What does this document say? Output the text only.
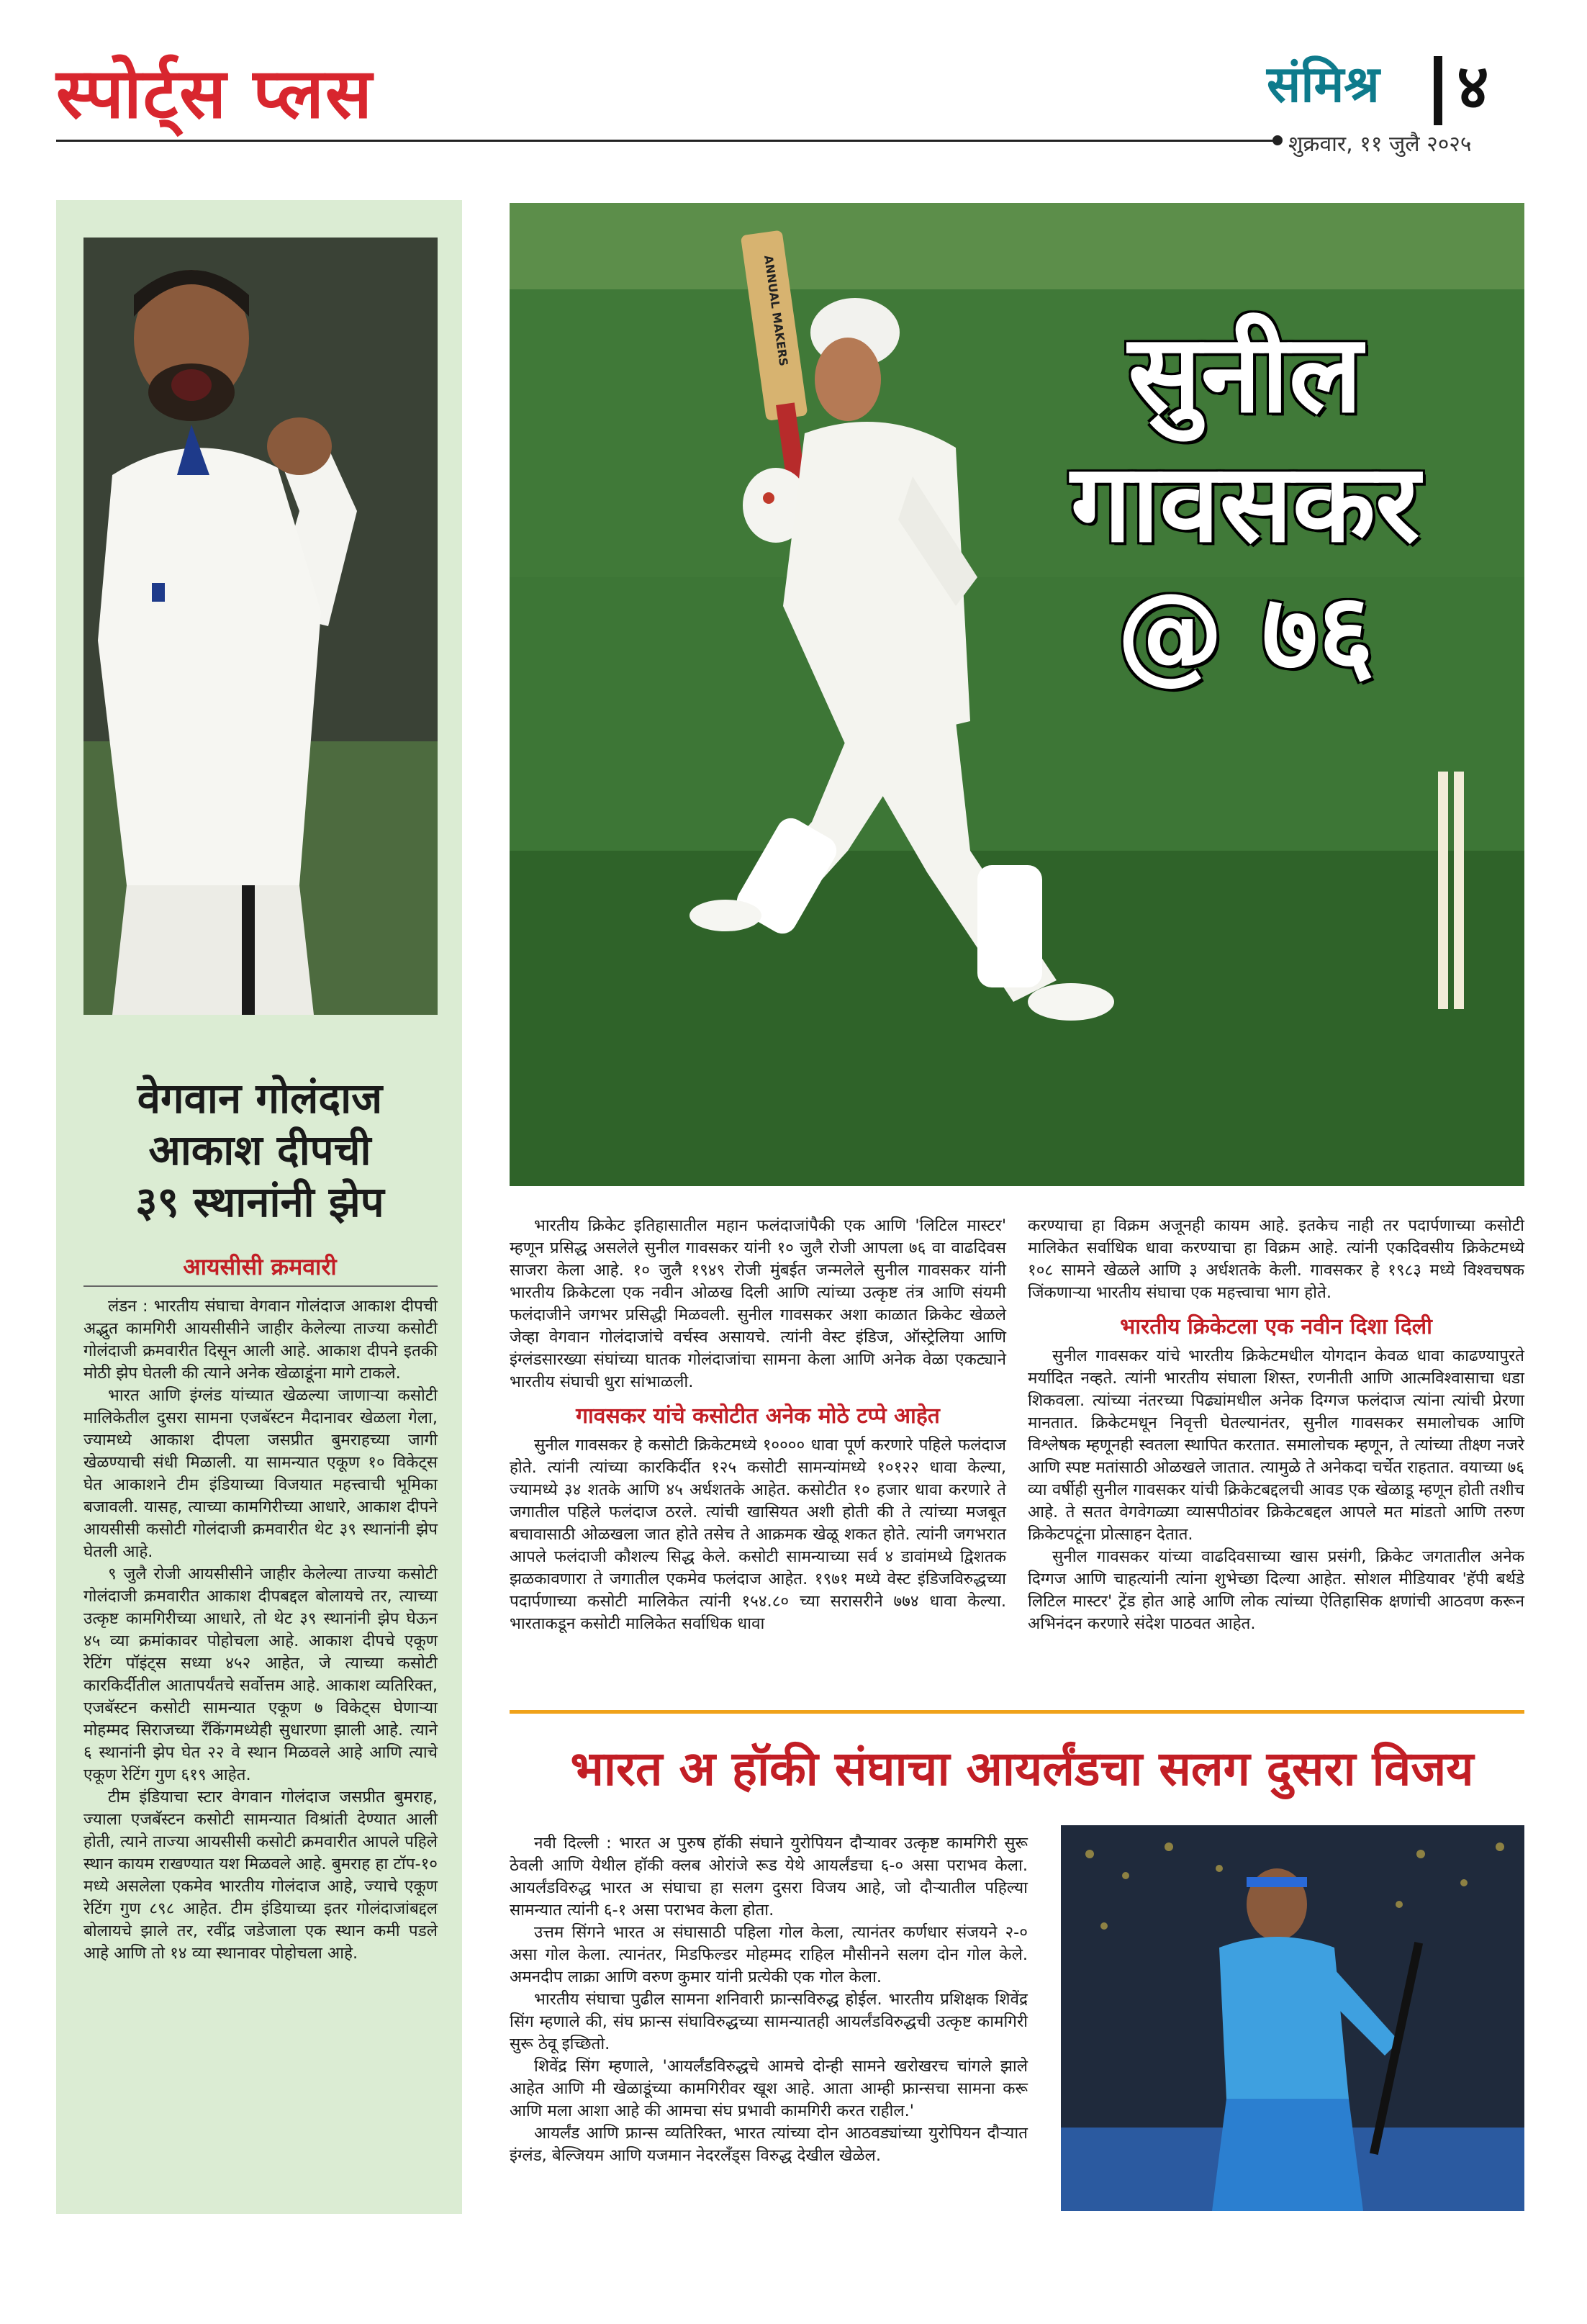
स्पोर्ट्स प्लस	संमिश्र ४
शुक्रवार, ११ जुलै २०२५
वेगवान गोलंदाज
आकाश दीपची
३९ स्थानांनी झेप
आयसीसी क्रमवारी

लंडन : भारतीय संघाचा वेगवान गोलंदाज आकाश दीपची अद्भुत कामगिरी आयसीसीने जाहीर केलेल्या ताज्या कसोटी गोलंदाजी क्रमवारीत दिसून आली आहे. आकाश दीपने इतकी मोठी झेप घेतली की त्याने अनेक खेळाडूंना मागे टाकले.

भारत आणि इंग्लंड यांच्यात खेळल्या जाणाऱ्या कसोटी मालिकेतील दुसरा सामना एजबॅस्टन मैदानावर खेळला गेला, ज्यामध्ये आकाश दीपला जसप्रीत बुमराहच्या जागी खेळण्याची संधी मिळाली. या सामन्यात एकूण १० विकेट्स घेत आकाशने टीम इंडियाच्या विजयात महत्त्वाची भूमिका बजावली. यासह, त्याच्या कामगिरीच्या आधारे, आकाश दीपने आयसीसी कसोटी गोलंदाजी क्रमवारीत थेट ३९ स्थानांनी झेप घेतली आहे.

९ जुलै रोजी आयसीसीने जाहीर केलेल्या ताज्या कसोटी गोलंदाजी क्रमवारीत आकाश दीपबद्दल बोलायचे तर, त्याच्या उत्कृष्ट कामगिरीच्या आधारे, तो थेट ३९ स्थानांनी झेप घेऊन ४५ व्या क्रमांकावर पोहोचला आहे. आकाश दीपचे एकूण रेटिंग पॉइंट्स सध्या ४५२ आहेत, जे त्याच्या कसोटी कारकिर्दीतील आतापर्यंतचे सर्वोत्तम आहे. आकाश व्यतिरिक्त, एजबॅस्टन कसोटी सामन्यात एकूण ७ विकेट्स घेणाऱ्या मोहम्मद सिराजच्या रँकिंगमध्येही सुधारणा झाली आहे. त्याने ६ स्थानांनी झेप घेत २२ वे स्थान मिळवले आहे आणि त्याचे एकूण रेटिंग गुण ६१९ आहेत.

टीम इंडियाचा स्टार वेगवान गोलंदाज जसप्रीत बुमराह, ज्याला एजबॅस्टन कसोटी सामन्यात विश्रांती देण्यात आली होती, त्याने ताज्या आयसीसी कसोटी क्रमवारीत आपले पहिले स्थान कायम राखण्यात यश मिळवले आहे. बुमराह हा टॉप-१० मध्ये असलेला एकमेव भारतीय गोलंदाज आहे, ज्याचे एकूण रेटिंग गुण ८९८ आहेत. टीम इंडियाच्या इतर गोलंदाजांबद्दल बोलायचे झाले तर, रवींद्र जडेजाला एक स्थान कमी पडले आहे आणि तो १४ व्या स्थानावर पोहोचला आहे.

ANNUAL MAKERS
सुनील
गावसकर
@ ७६

भारतीय क्रिकेट इतिहासातील महान फलंदाजांपैकी एक आणि 'लिटिल मास्टर' म्हणून प्रसिद्ध असलेले सुनील गावसकर यांनी १० जुलै रोजी आपला ७६ वा वाढदिवस साजरा केला आहे. १० जुलै १९४९ रोजी मुंबईत जन्मलेले सुनील गावसकर यांनी भारतीय क्रिकेटला एक नवीन ओळख दिली आणि त्यांच्या उत्कृष्ट तंत्र आणि संयमी फलंदाजीने जगभर प्रसिद्धी मिळवली. सुनील गावसकर अशा काळात क्रिकेट खेळले जेव्हा वेगवान गोलंदाजांचे वर्चस्व असायचे. त्यांनी वेस्ट इंडिज, ऑस्ट्रेलिया आणि इंग्लंडसारख्या संघांच्या घातक गोलंदाजांचा सामना केला आणि अनेक वेळा एकट्याने भारतीय संघाची धुरा सांभाळली.

गावसकर यांचे कसोटीत अनेक मोठे टप्पे आहेत

सुनील गावसकर हे कसोटी क्रिकेटमध्ये १०००० धावा पूर्ण करणारे पहिले फलंदाज होते. त्यांनी त्यांच्या कारकिर्दीत १२५ कसोटी सामन्यांमध्ये १०१२२ धावा केल्या, ज्यामध्ये ३४ शतके आणि ४५ अर्धशतके आहेत. कसोटीत १० हजार धावा करणारे ते जगातील पहिले फलंदाज ठरले. त्यांची खासियत अशी होती की ते त्यांच्या मजबूत बचावासाठी ओळखला जात होते तसेच ते आक्रमक खेळू शकत होते. त्यांनी जगभरात आपले फलंदाजी कौशल्य सिद्ध केले. कसोटी सामन्याच्या सर्व ४ डावांमध्ये द्विशतक झळकावणारा ते जगातील एकमेव फलंदाज आहेत. १९७१ मध्ये वेस्ट इंडिजविरुद्धच्या पदार्पणाच्या कसोटी मालिकेत त्यांनी १५४.८० च्या सरासरीने ७७४ धावा केल्या. भारताकडून कसोटी मालिकेत सर्वाधिक धावा

करण्याचा हा विक्रम अजूनही कायम आहे. इतकेच नाही तर पदार्पणाच्या कसोटी मालिकेत सर्वाधिक धावा करण्याचा हा विक्रम आहे. त्यांनी एकदिवसीय क्रिकेटमध्ये १०८ सामने खेळले आणि ३ अर्धशतके केली. गावसकर हे १९८३ मध्ये विश्वचषक जिंकणाऱ्या भारतीय संघाचा एक महत्त्वाचा भाग होते.

भारतीय क्रिकेटला एक नवीन दिशा दिली

सुनील गावसकर यांचे भारतीय क्रिकेटमधील योगदान केवळ धावा काढण्यापुरते मर्यादित नव्हते. त्यांनी भारतीय संघाला शिस्त, रणनीती आणि आत्मविश्वासाचा धडा शिकवला. त्यांच्या नंतरच्या पिढ्यांमधील अनेक दिग्गज फलंदाज त्यांना त्यांची प्रेरणा मानतात. क्रिकेटमधून निवृत्ती घेतल्यानंतर, सुनील गावसकर समालोचक आणि विश्लेषक म्हणूनही स्वतला स्थापित करतात. समालोचक म्हणून, ते त्यांच्या तीक्ष्ण नजरे आणि स्पष्ट मतांसाठी ओळखले जातात. त्यामुळे ते अनेकदा चर्चेत राहतात. वयाच्या ७६ व्या वर्षीही सुनील गावसकर यांची क्रिकेटबद्दलची आवड एक खेळाडू म्हणून होती तशीच आहे. ते सतत वेगवेगळ्या व्यासपीठांवर क्रिकेटबद्दल आपले मत मांडतो आणि तरुण क्रिकेटपटूंना प्रोत्साहन देतात.

सुनील गावसकर यांच्या वाढदिवसाच्या खास प्रसंगी, क्रिकेट जगतातील अनेक दिग्गज आणि चाहत्यांनी त्यांना शुभेच्छा दिल्या आहेत. सोशल मीडियावर 'हॅपी बर्थडे लिटिल मास्टर' ट्रेंड होत आहे आणि लोक त्यांच्या ऐतिहासिक क्षणांची आठवण करून अभिनंदन करणारे संदेश पाठवत आहेत.

भारत अ हॉकी संघाचा आयर्लंडचा सलग दुसरा विजय

नवी दिल्ली : भारत अ पुरुष हॉकी संघाने युरोपियन दौऱ्यावर उत्कृष्ट कामगिरी सुरू ठेवली आणि येथील हॉकी क्लब ओरांजे रूड येथे आयर्लंडचा ६-० असा पराभव केला. आयर्लंडविरुद्ध भारत अ संघाचा हा सलग दुसरा विजय आहे, जो दौऱ्यातील पहिल्या सामन्यात त्यांनी ६-१ असा पराभव केला होता.

उत्तम सिंगने भारत अ संघासाठी पहिला गोल केला, त्यानंतर कर्णधार संजयने २-० असा गोल केला. त्यानंतर, मिडफिल्डर मोहम्मद राहिल मौसीनने सलग दोन गोल केले. अमनदीप लाक्रा आणि वरुण कुमार यांनी प्रत्येकी एक गोल केला.

भारतीय संघाचा पुढील सामना शनिवारी फ्रान्सविरुद्ध होईल. भारतीय प्रशिक्षक शिवेंद्र सिंग म्हणाले की, संघ फ्रान्स संघाविरुद्धच्या सामन्यातही आयर्लंडविरुद्धची उत्कृष्ट कामगिरी सुरू ठेवू इच्छितो.

शिवेंद्र सिंग म्हणाले, 'आयर्लंडविरुद्धचे आमचे दोन्ही सामने खरोखरच चांगले झाले आहेत आणि मी खेळाडूंच्या कामगिरीवर खूश आहे. आता आम्ही फ्रान्सचा सामना करू आणि मला आशा आहे की आमचा संघ प्रभावी कामगिरी करत राहील.'

आयर्लंड आणि फ्रान्स व्यतिरिक्त, भारत त्यांच्या दोन आठवड्यांच्या युरोपियन दौऱ्यात इंग्लंड, बेल्जियम आणि यजमान नेदरलँड्स विरुद्ध देखील खेळेल.
